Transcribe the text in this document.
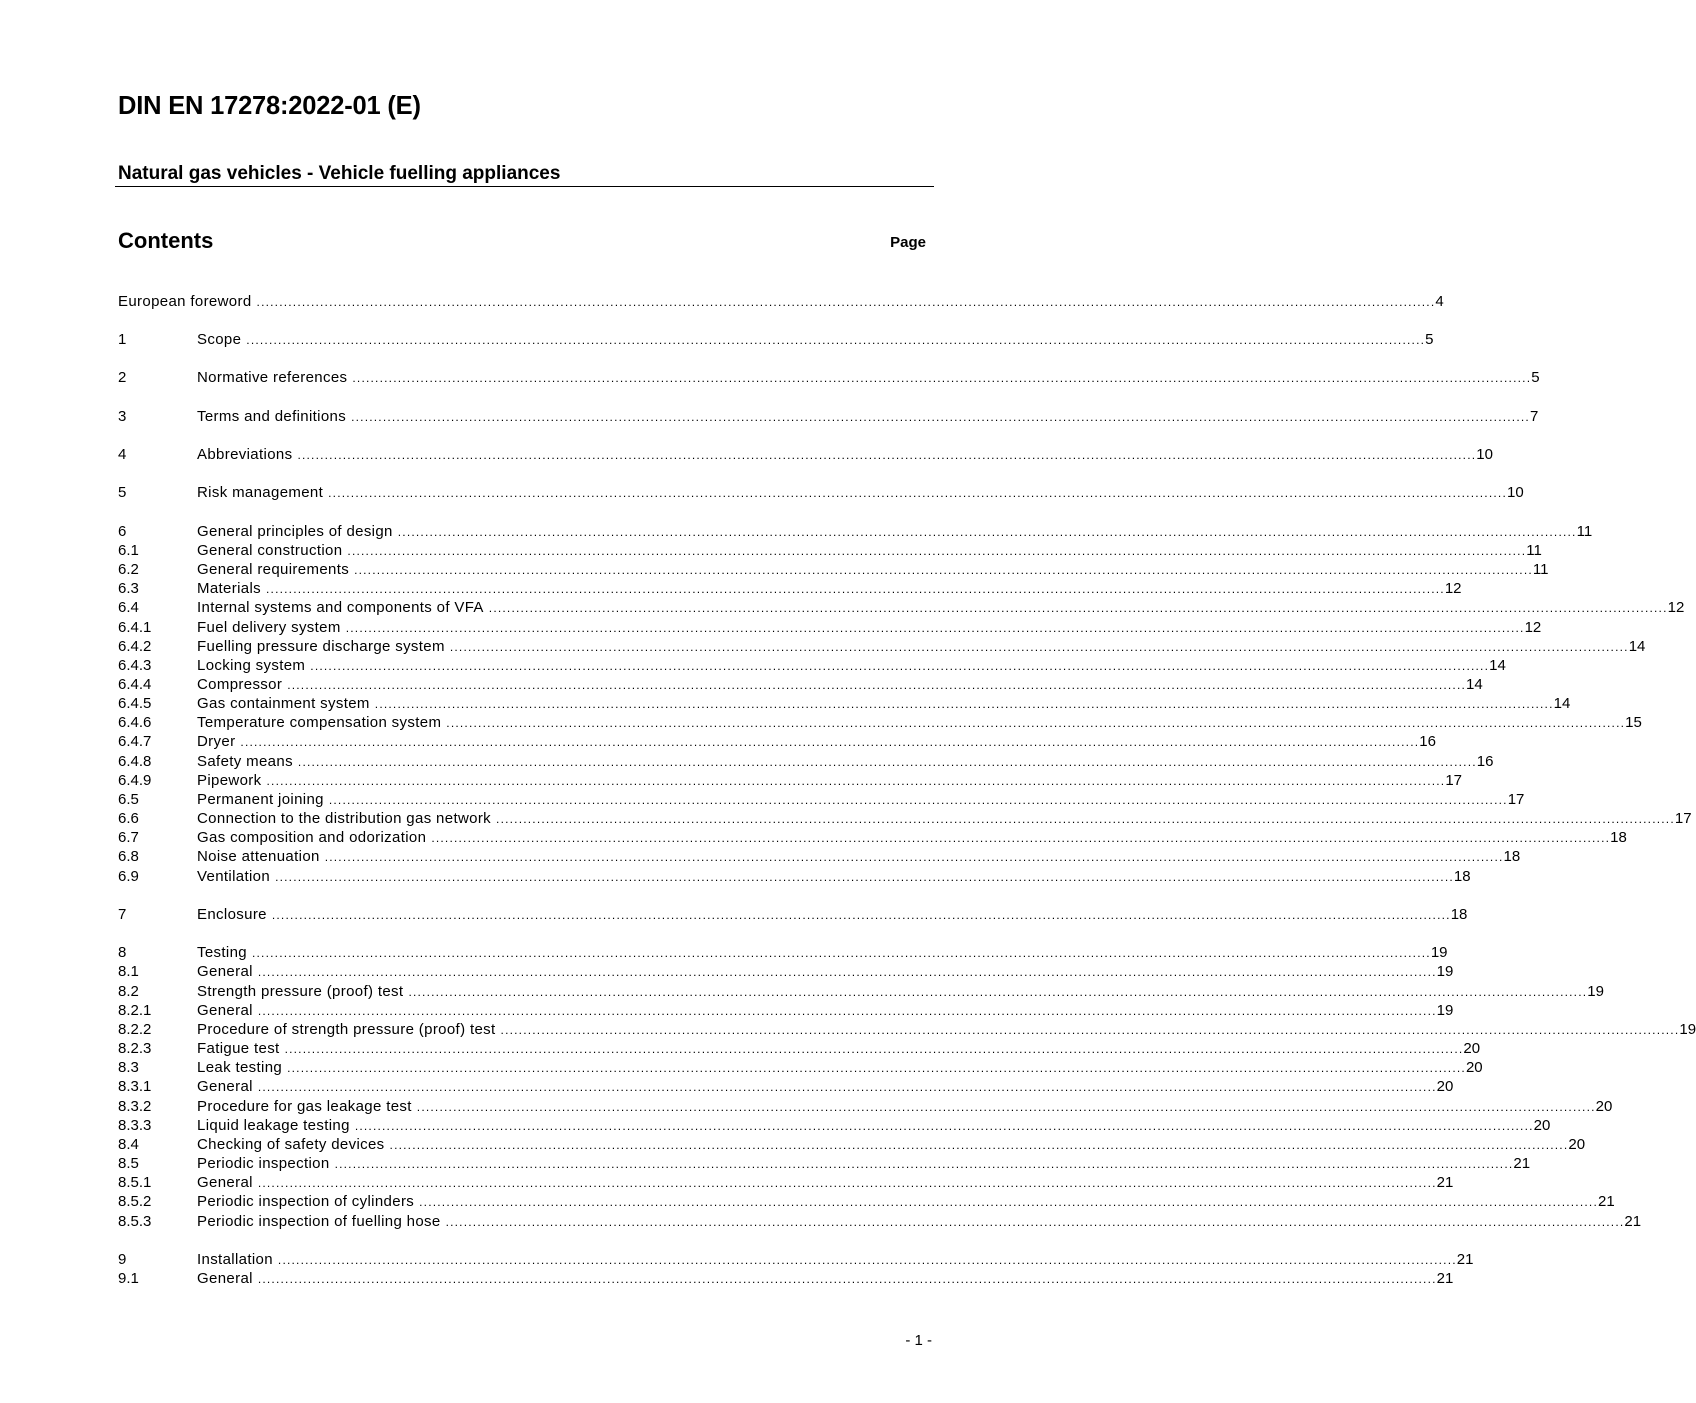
DIN EN 17278:2022-01 (E)
Natural gas vehicles - Vehicle fuelling appliances
Contents	Page
European foreword .................................................................................................................................................................................................................................................................... 4
1	Scope .................................................................................................................................................................................................................................................................... 5
2	Normative references .................................................................................................................................................................................................................................................................... 5
3	Terms and definitions .................................................................................................................................................................................................................................................................... 7
4	Abbreviations .................................................................................................................................................................................................................................................................... 10
5	Risk management .................................................................................................................................................................................................................................................................... 10
6	General principles of design .................................................................................................................................................................................................................................................................... 11
6.1	General construction .................................................................................................................................................................................................................................................................... 11
6.2	General requirements .................................................................................................................................................................................................................................................................... 11
6.3	Materials .................................................................................................................................................................................................................................................................... 12
6.4	Internal systems and components of VFA .................................................................................................................................................................................................................................................................... 12
6.4.1	Fuel delivery system .................................................................................................................................................................................................................................................................... 12
6.4.2	Fuelling pressure discharge system .................................................................................................................................................................................................................................................................... 14
6.4.3	Locking system .................................................................................................................................................................................................................................................................... 14
6.4.4	Compressor .................................................................................................................................................................................................................................................................... 14
6.4.5	Gas containment system .................................................................................................................................................................................................................................................................... 14
6.4.6	Temperature compensation system .................................................................................................................................................................................................................................................................... 15
6.4.7	Dryer .................................................................................................................................................................................................................................................................... 16
6.4.8	Safety means .................................................................................................................................................................................................................................................................... 16
6.4.9	Pipework .................................................................................................................................................................................................................................................................... 17
6.5	Permanent joining .................................................................................................................................................................................................................................................................... 17
6.6	Connection to the distribution gas network .................................................................................................................................................................................................................................................................... 17
6.7	Gas composition and odorization .................................................................................................................................................................................................................................................................... 18
6.8	Noise attenuation .................................................................................................................................................................................................................................................................... 18
6.9	Ventilation .................................................................................................................................................................................................................................................................... 18
7	Enclosure .................................................................................................................................................................................................................................................................... 18
8	Testing .................................................................................................................................................................................................................................................................... 19
8.1	General .................................................................................................................................................................................................................................................................... 19
8.2	Strength pressure (proof) test .................................................................................................................................................................................................................................................................... 19
8.2.1	General .................................................................................................................................................................................................................................................................... 19
8.2.2	Procedure of strength pressure (proof) test .................................................................................................................................................................................................................................................................... 19
8.2.3	Fatigue test .................................................................................................................................................................................................................................................................... 20
8.3	Leak testing .................................................................................................................................................................................................................................................................... 20
8.3.1	General .................................................................................................................................................................................................................................................................... 20
8.3.2	Procedure for gas leakage test .................................................................................................................................................................................................................................................................... 20
8.3.3	Liquid leakage testing .................................................................................................................................................................................................................................................................... 20
8.4	Checking of safety devices .................................................................................................................................................................................................................................................................... 20
8.5	Periodic inspection .................................................................................................................................................................................................................................................................... 21
8.5.1	General .................................................................................................................................................................................................................................................................... 21
8.5.2	Periodic inspection of cylinders .................................................................................................................................................................................................................................................................... 21
8.5.3	Periodic inspection of fuelling hose .................................................................................................................................................................................................................................................................... 21
9	Installation .................................................................................................................................................................................................................................................................... 21
9.1	General .................................................................................................................................................................................................................................................................... 21
- 1 -
